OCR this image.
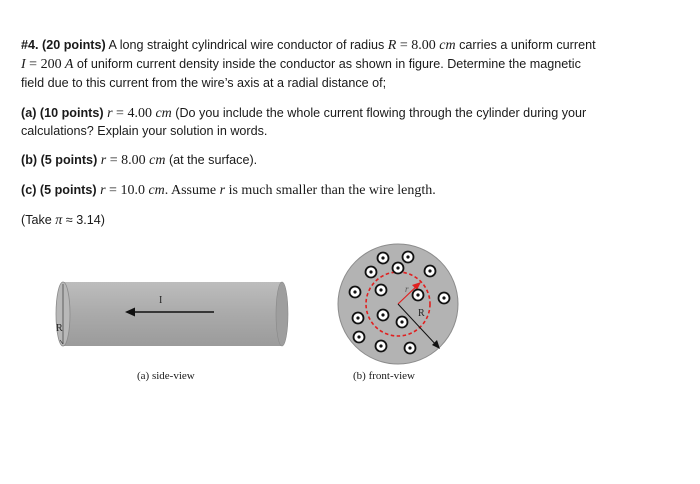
#4. (20 points) A long straight cylindrical wire conductor of radius R = 8.00 cm carries a uniform current
I = 200 A of uniform current density inside the conductor as shown in figure. Determine the magnetic
field due to this current from the wire’s axis at a radial distance of;
(a) (10 points) r = 4.00 cm (Do you include the whole current flowing through the cylinder during your
calculations? Explain your solution in words.
(b) (5 points) r = 8.00 cm (at the surface).
(c) (5 points) r = 10.0 cm. Assume r is much smaller than the wire length.
(Take π ≈ 3.14)
R
I
r
R
(a) side-view	(b) front-view
